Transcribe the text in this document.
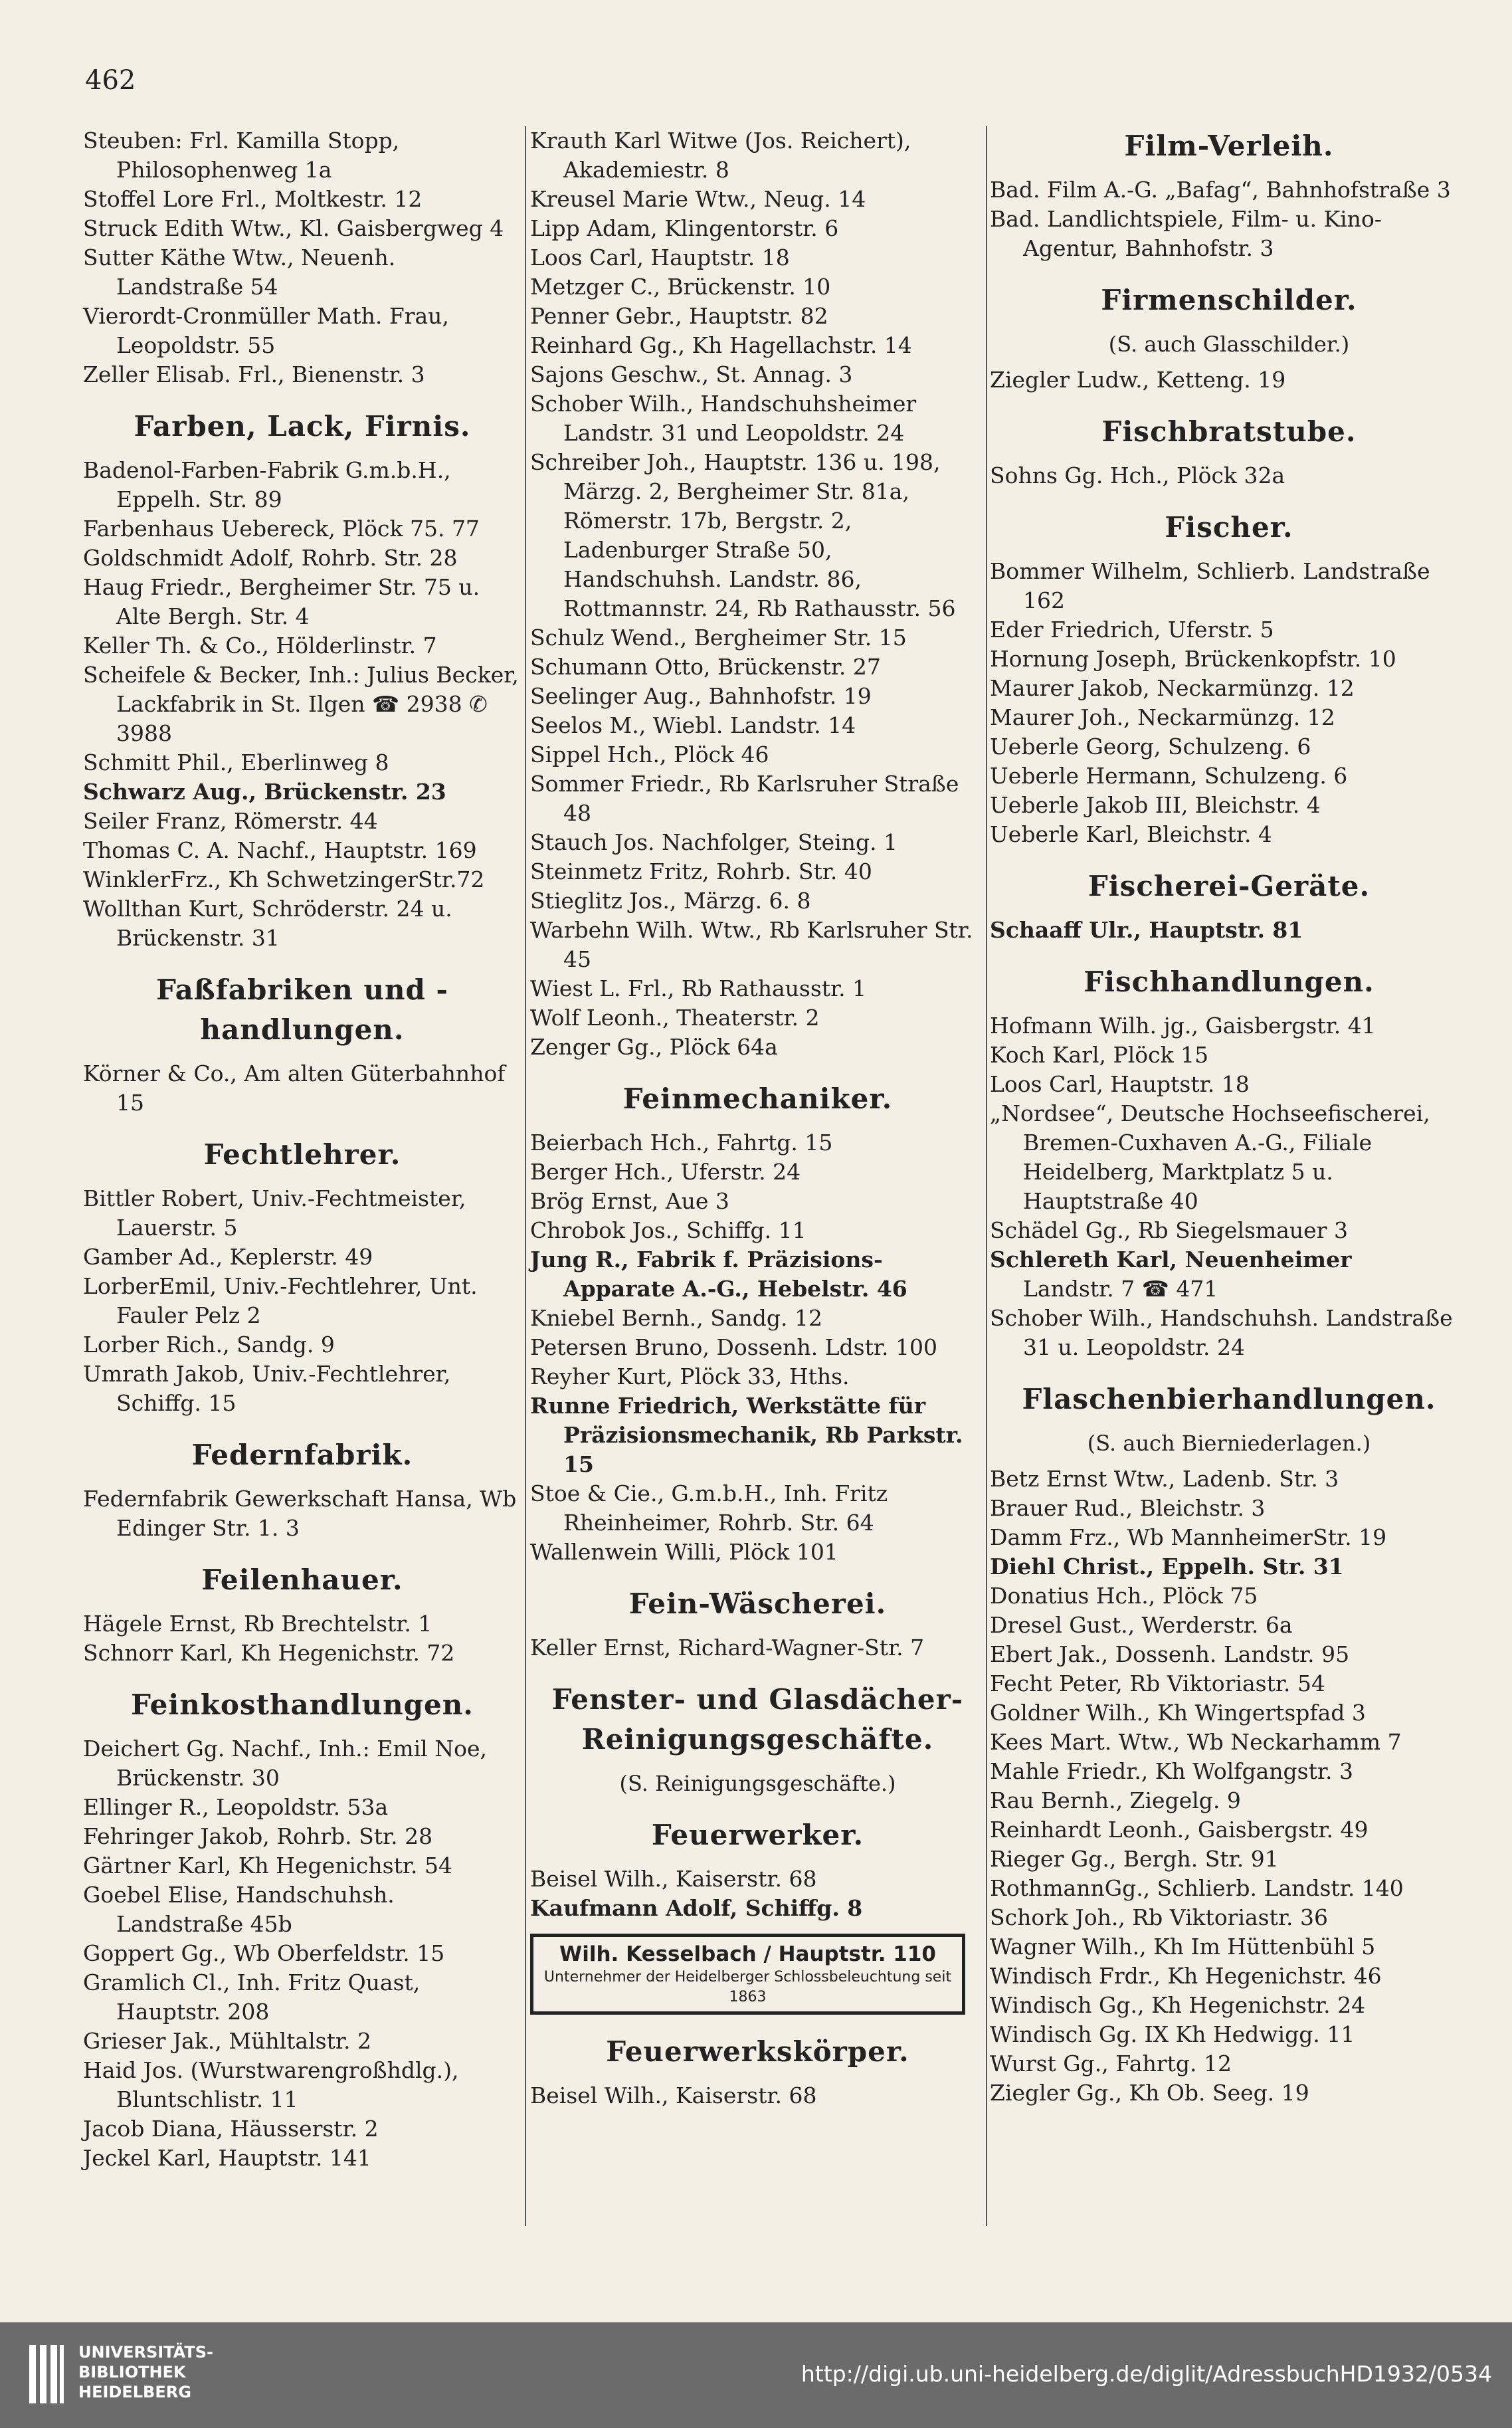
462

Steuben: Frl. Kamilla Stopp, Philosophenweg 1a

Stoffel Lore Frl., Moltkestr. 12

Struck Edith Wtw., Kl. Gaisbergweg 4

Sutter Käthe Wtw., Neuenh. Landstraße 54

Vierordt-Cronmüller Math. Frau, Leopoldstr. 55

Zeller Elisab. Frl., Bienenstr. 3

Farben, Lack, Firnis.

Badenol-Farben-Fabrik G.m.b.H., Eppelh. Str. 89

Farbenhaus Uebereck, Plöck 75. 77

Goldschmidt Adolf, Rohrb. Str. 28

Haug Friedr., Bergheimer Str. 75 u. Alte Bergh. Str. 4

Keller Th. & Co., Hölderlinstr. 7

Scheifele & Becker, Inh.: Julius Becker, Lackfabrik in St. Ilgen ☎ 2938 ✆ 3988

Schmitt Phil., Eberlinweg 8

Schwarz Aug., Brückenstr. 23

Seiler Franz, Römerstr. 44

Thomas C. A. Nachf., Hauptstr. 169

WinklerFrz., Kh SchwetzingerStr.72

Wollthan Kurt, Schröderstr. 24 u. Brückenstr. 31

Faßfabriken und -handlungen.

Körner & Co., Am alten Güterbahnhof 15

Fechtlehrer.

Bittler Robert, Univ.-Fechtmeister, Lauerstr. 5

Gamber Ad., Keplerstr. 49

LorberEmil, Univ.-Fechtlehrer, Unt. Fauler Pelz 2

Lorber Rich., Sandg. 9

Umrath Jakob, Univ.-Fechtlehrer, Schiffg. 15

Federnfabrik.

Federnfabrik Gewerkschaft Hansa, Wb Edinger Str. 1. 3

Feilenhauer.

Hägele Ernst, Rb Brechtelstr. 1

Schnorr Karl, Kh Hegenichstr. 72

Feinkosthandlungen.

Deichert Gg. Nachf., Inh.: Emil Noe, Brückenstr. 30

Ellinger R., Leopoldstr. 53a

Fehringer Jakob, Rohrb. Str. 28

Gärtner Karl, Kh Hegenichstr. 54

Goebel Elise, Handschuhsh. Landstraße 45b

Goppert Gg., Wb Oberfeldstr. 15

Gramlich Cl., Inh. Fritz Quast, Hauptstr. 208

Grieser Jak., Mühltalstr. 2

Haid Jos. (Wurstwarengroßhdlg.), Bluntschlistr. 11

Jacob Diana, Häusserstr. 2

Jeckel Karl, Hauptstr. 141

Krauth Karl Witwe (Jos. Reichert), Akademiestr. 8

Kreusel Marie Wtw., Neug. 14

Lipp Adam, Klingentorstr. 6

Loos Carl, Hauptstr. 18

Metzger C., Brückenstr. 10

Penner Gebr., Hauptstr. 82

Reinhard Gg., Kh Hagellachstr. 14

Sajons Geschw., St. Annag. 3

Schober Wilh., Handschuhsheimer Landstr. 31 und Leopoldstr. 24

Schreiber Joh., Hauptstr. 136 u. 198, Märzg. 2, Bergheimer Str. 81a, Römerstr. 17b, Bergstr. 2, Ladenburger Straße 50, Handschuhsh. Landstr. 86, Rottmannstr. 24, Rb Rathausstr. 56

Schulz Wend., Bergheimer Str. 15

Schumann Otto, Brückenstr. 27

Seelinger Aug., Bahnhofstr. 19

Seelos M., Wiebl. Landstr. 14

Sippel Hch., Plöck 46

Sommer Friedr., Rb Karlsruher Straße 48

Stauch Jos. Nachfolger, Steing. 1

Steinmetz Fritz, Rohrb. Str. 40

Stieglitz Jos., Märzg. 6. 8

Warbehn Wilh. Wtw., Rb Karlsruher Str. 45

Wiest L. Frl., Rb Rathausstr. 1

Wolf Leonh., Theaterstr. 2

Zenger Gg., Plöck 64a

Feinmechaniker.

Beierbach Hch., Fahrtg. 15

Berger Hch., Uferstr. 24

Brög Ernst, Aue 3

Chrobok Jos., Schiffg. 11

Jung R., Fabrik f. Präzisions-Apparate A.-G., Hebelstr. 46

Kniebel Bernh., Sandg. 12

Petersen Bruno, Dossenh. Ldstr. 100

Reyher Kurt, Plöck 33, Hths.

Runne Friedrich, Werkstätte für Präzisionsmechanik, Rb Parkstr. 15

Stoe & Cie., G.m.b.H., Inh. Fritz Rheinheimer, Rohrb. Str. 64

Wallenwein Willi, Plöck 101

Fein-Wäscherei.

Keller Ernst, Richard-Wagner-Str. 7

Fenster- und Glasdächer-Reinigungsgeschäfte.
(S. Reinigungsgeschäfte.)
Feuerwerker.

Beisel Wilh., Kaiserstr. 68

Kaufmann Adolf, Schiffg. 8

Wilh. Kesselbach / Hauptstr. 110
Unternehmer der Heidelberger Schlossbeleuchtung seit 1863
Feuerwerkskörper.

Beisel Wilh., Kaiserstr. 68

Film-Verleih.

Bad. Film A.-G. „Bafag“, Bahnhofstraße 3

Bad. Landlichtspiele, Film- u. Kino-Agentur, Bahnhofstr. 3

Firmenschilder.
(S. auch Glasschilder.)

Ziegler Ludw., Ketteng. 19

Fischbratstube.

Sohns Gg. Hch., Plöck 32a

Fischer.

Bommer Wilhelm, Schlierb. Landstraße 162

Eder Friedrich, Uferstr. 5

Hornung Joseph, Brückenkopfstr. 10

Maurer Jakob, Neckarmünzg. 12

Maurer Joh., Neckarmünzg. 12

Ueberle Georg, Schulzeng. 6

Ueberle Hermann, Schulzeng. 6

Ueberle Jakob III, Bleichstr. 4

Ueberle Karl, Bleichstr. 4

Fischerei-Geräte.

Schaaff Ulr., Hauptstr. 81

Fischhandlungen.

Hofmann Wilh. jg., Gaisbergstr. 41

Koch Karl, Plöck 15

Loos Carl, Hauptstr. 18

„Nordsee“, Deutsche Hochseefischerei, Bremen-Cuxhaven A.-G., Filiale Heidelberg, Marktplatz 5 u. Hauptstraße 40

Schädel Gg., Rb Siegelsmauer 3

Schlereth Karl, Neuenheimer

Landstr. 7 ☎ 471

Schober Wilh., Handschuhsh. Landstraße 31 u. Leopoldstr. 24

Flaschenbierhandlungen.
(S. auch Bierniederlagen.)

Betz Ernst Wtw., Ladenb. Str. 3

Brauer Rud., Bleichstr. 3

Damm Frz., Wb MannheimerStr. 19

Diehl Christ., Eppelh. Str. 31

Donatius Hch., Plöck 75

Dresel Gust., Werderstr. 6a

Ebert Jak., Dossenh. Landstr. 95

Fecht Peter, Rb Viktoriastr. 54

Goldner Wilh., Kh Wingertspfad 3

Kees Mart. Wtw., Wb Neckarhamm 7

Mahle Friedr., Kh Wolfgangstr. 3

Rau Bernh., Ziegelg. 9

Reinhardt Leonh., Gaisbergstr. 49

Rieger Gg., Bergh. Str. 91

RothmannGg., Schlierb. Landstr. 140

Schork Joh., Rb Viktoriastr. 36

Wagner Wilh., Kh Im Hüttenbühl 5

Windisch Frdr., Kh Hegenichstr. 46

Windisch Gg., Kh Hegenichstr. 24

Windisch Gg. IX Kh Hedwigg. 11

Wurst Gg., Fahrtg. 12

Ziegler Gg., Kh Ob. Seeg. 19

UNIVERSITÄTS-
BIBLIOTHEK
HEIDELBERG
http://digi.ub.uni-heidelberg.de/diglit/AdressbuchHD1932/0534
